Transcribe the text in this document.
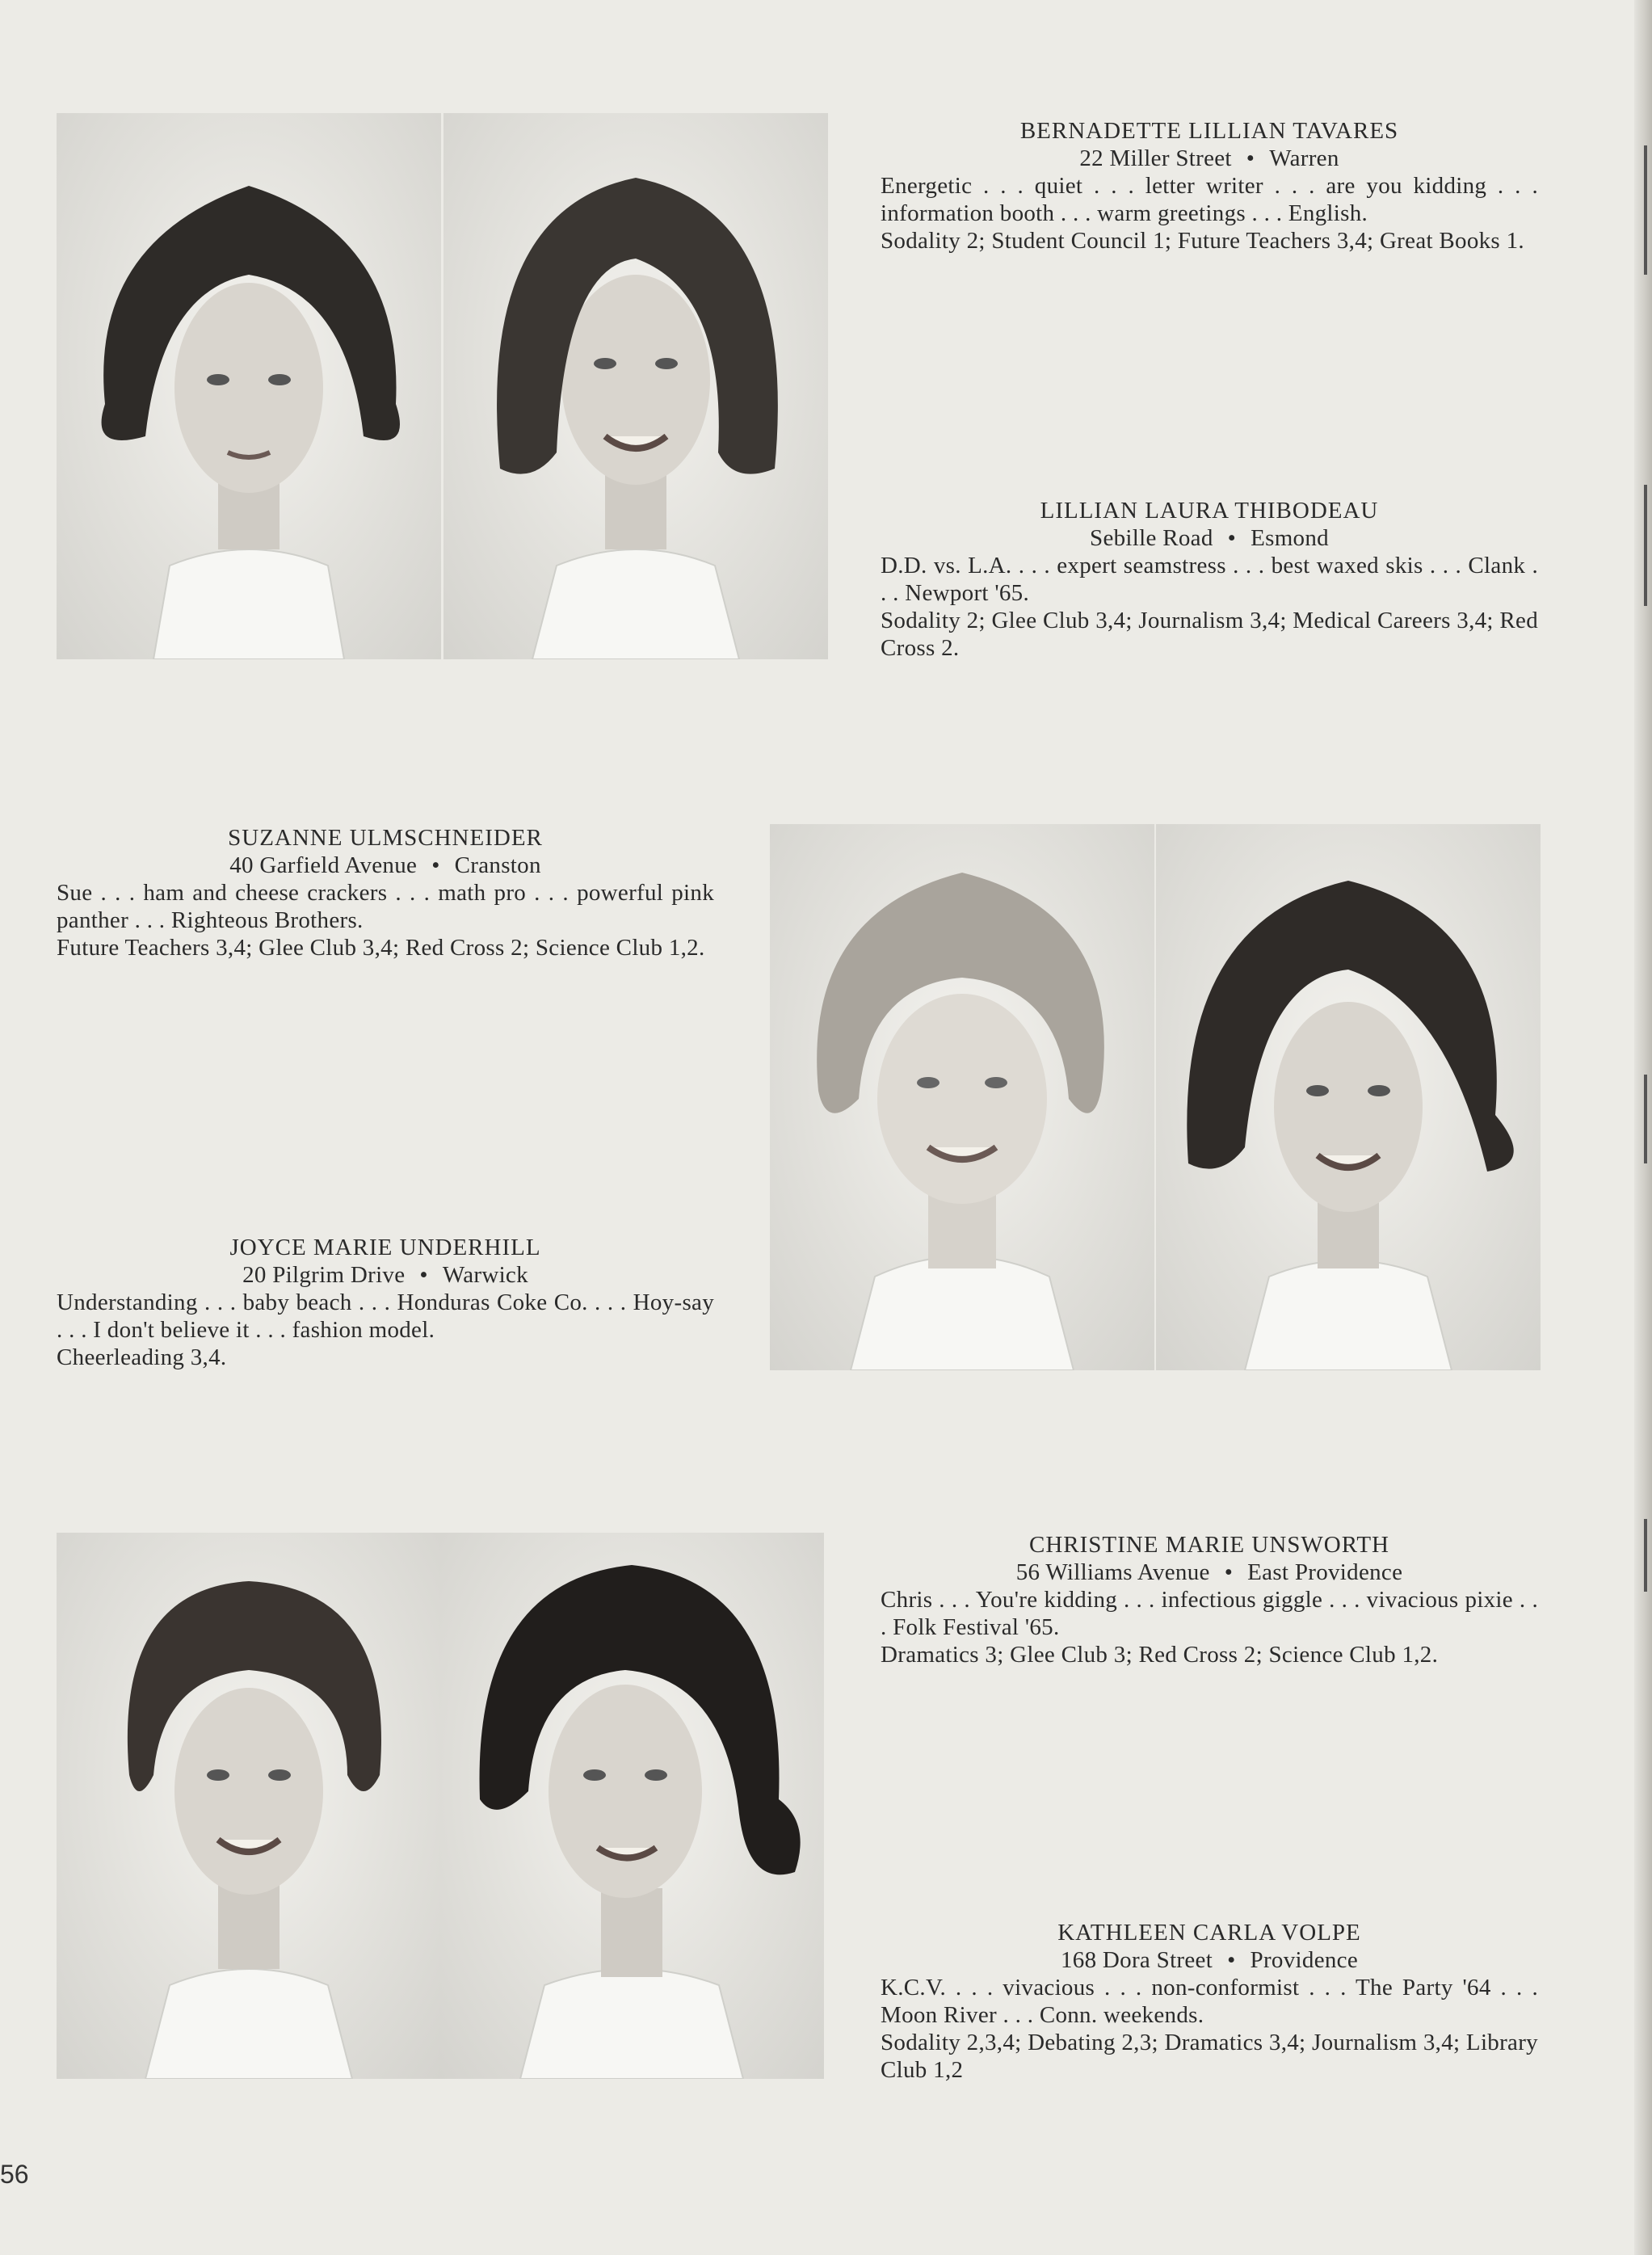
BERNADETTE LILLIAN TAVARES
22 Miller Street • Warren
Energetic . . . quiet . . . letter writer . . . are you kidding . . . information booth . . . warm greetings . . . English.
Sodality 2; Student Council 1; Future Teachers 3,4; Great Books 1.
LILLIAN LAURA THIBODEAU
Sebille Road • Esmond
D.D. vs. L.A. . . . expert seamstress . . . best waxed skis . . . Clank . . . Newport '65.
Sodality 2; Glee Club 3,4; Journalism 3,4; Medical Careers 3,4; Red Cross 2.
SUZANNE ULMSCHNEIDER
40 Garfield Avenue • Cranston
Sue . . . ham and cheese crackers . . . math pro . . . powerful pink panther . . . Righteous Brothers.
Future Teachers 3,4; Glee Club 3,4; Red Cross 2; Science Club 1,2.
JOYCE MARIE UNDERHILL
20 Pilgrim Drive • Warwick
Understanding . . . baby beach . . . Honduras Coke Co. . . . Hoy-say . . . I don't believe it . . . fashion model.
Cheerleading 3,4.
CHRISTINE MARIE UNSWORTH
56 Williams Avenue • East Providence
Chris . . . You're kidding . . . infectious giggle . . . vivacious pixie . . . Folk Festival '65.
Dramatics 3; Glee Club 3; Red Cross 2; Science Club 1,2.
KATHLEEN CARLA VOLPE
168 Dora Street • Providence
K.C.V. . . . vivacious . . . non-conformist . . . The Party '64 . . . Moon River . . . Conn. weekends.
Sodality 2,3,4; Debating 2,3; Dramatics 3,4; Journalism 3,4; Library Club 1,2
56
